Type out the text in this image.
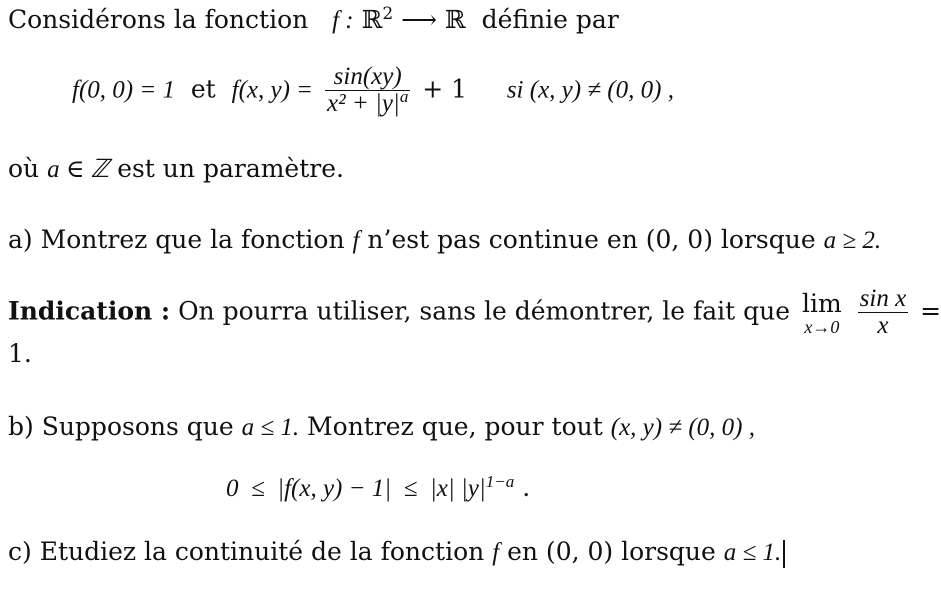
Considérons la fonction f : ℝ$^2$ ⟶ ℝ définie par
f(0, 0) = 1 et f(x, $y) = \frac{\sin(xy)}{x^2 + |y|^a} + 1$ si (x, y) ≠ (0, 0) ,
où a ∈ ℤ est un paramètre.
a) Montrez que la fonction f n’est pas continue en (0, 0) lorsque a ≥ 2.
Indication : On pourra utiliser, sans le démontrer, le fait que lim
x→0
$\frac{\text{sin x}}{x}$ =
1.
b) Supposons que a ≤ 1. Montrez que, pour tout (x, y) ≠ (0, 0) ,
0  ≤  |f(x, y) − 1|  ≤  |x| $|y|^{1-a}$ .
c) Etudiez la continuité de la fonction f en (0, 0) lorsque a ≤ 1.
